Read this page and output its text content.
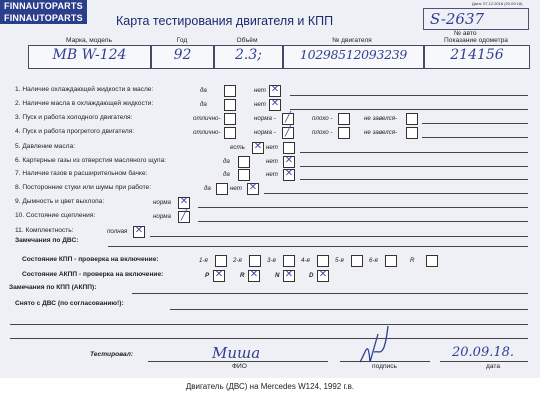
FINNAUTOPARTS
FINNAUTOPARTS
Дата: 07.12.2018 (20.09.18)
Карта тестирования двигателя и КПП	S-2637
№ авто
Марка, модель	Год	Объём	№ двигателя	Показание одометра
MB W-124	92	2.3;	10298512093239	214156
1. Наличие охлаждающей жидкости в масле:	да	нет ✕
2. Наличие масла в охлаждающей жидкости:	да	нет ✕
3. Пуск и работа холодного двигателя:	отлично-	норма - ╱	плохо -	не завелся-
4. Пуск и работа прогретого двигателя:	отлично-	норма - ╱	плохо -	не завелся-
5. Давление масла:	есть ✕ нет
6. Картерные газы из отверстия масляного щупа:	да	нет ✕
7. Наличие газов в расширительном бачке:	да	нет ✕
8. Посторонние стуки или шумы при работе:	да	нет ✕
9. Дымность и цвет выхлопа:	норма ✕
10. Состояние сцепления:	норма ╱
11. Комплектность:	полная ✕
Замечания по ДВС:
Состояние КПП - проверка на включение:	1-я	2-я	3-я	4-я	5-я	6-я	R
Состояние АКПП - проверка на включение:	P ✕	R ✕	N ✕	D ✕
Замечания по КПП (АКПП):
Снято с ДВС (по согласованию!):
Тестировал:	Миша
ФИО	подпись
20.09.18.
дата
Двигатель (ДВС) на Mercedes W124, 1992 г.в.
